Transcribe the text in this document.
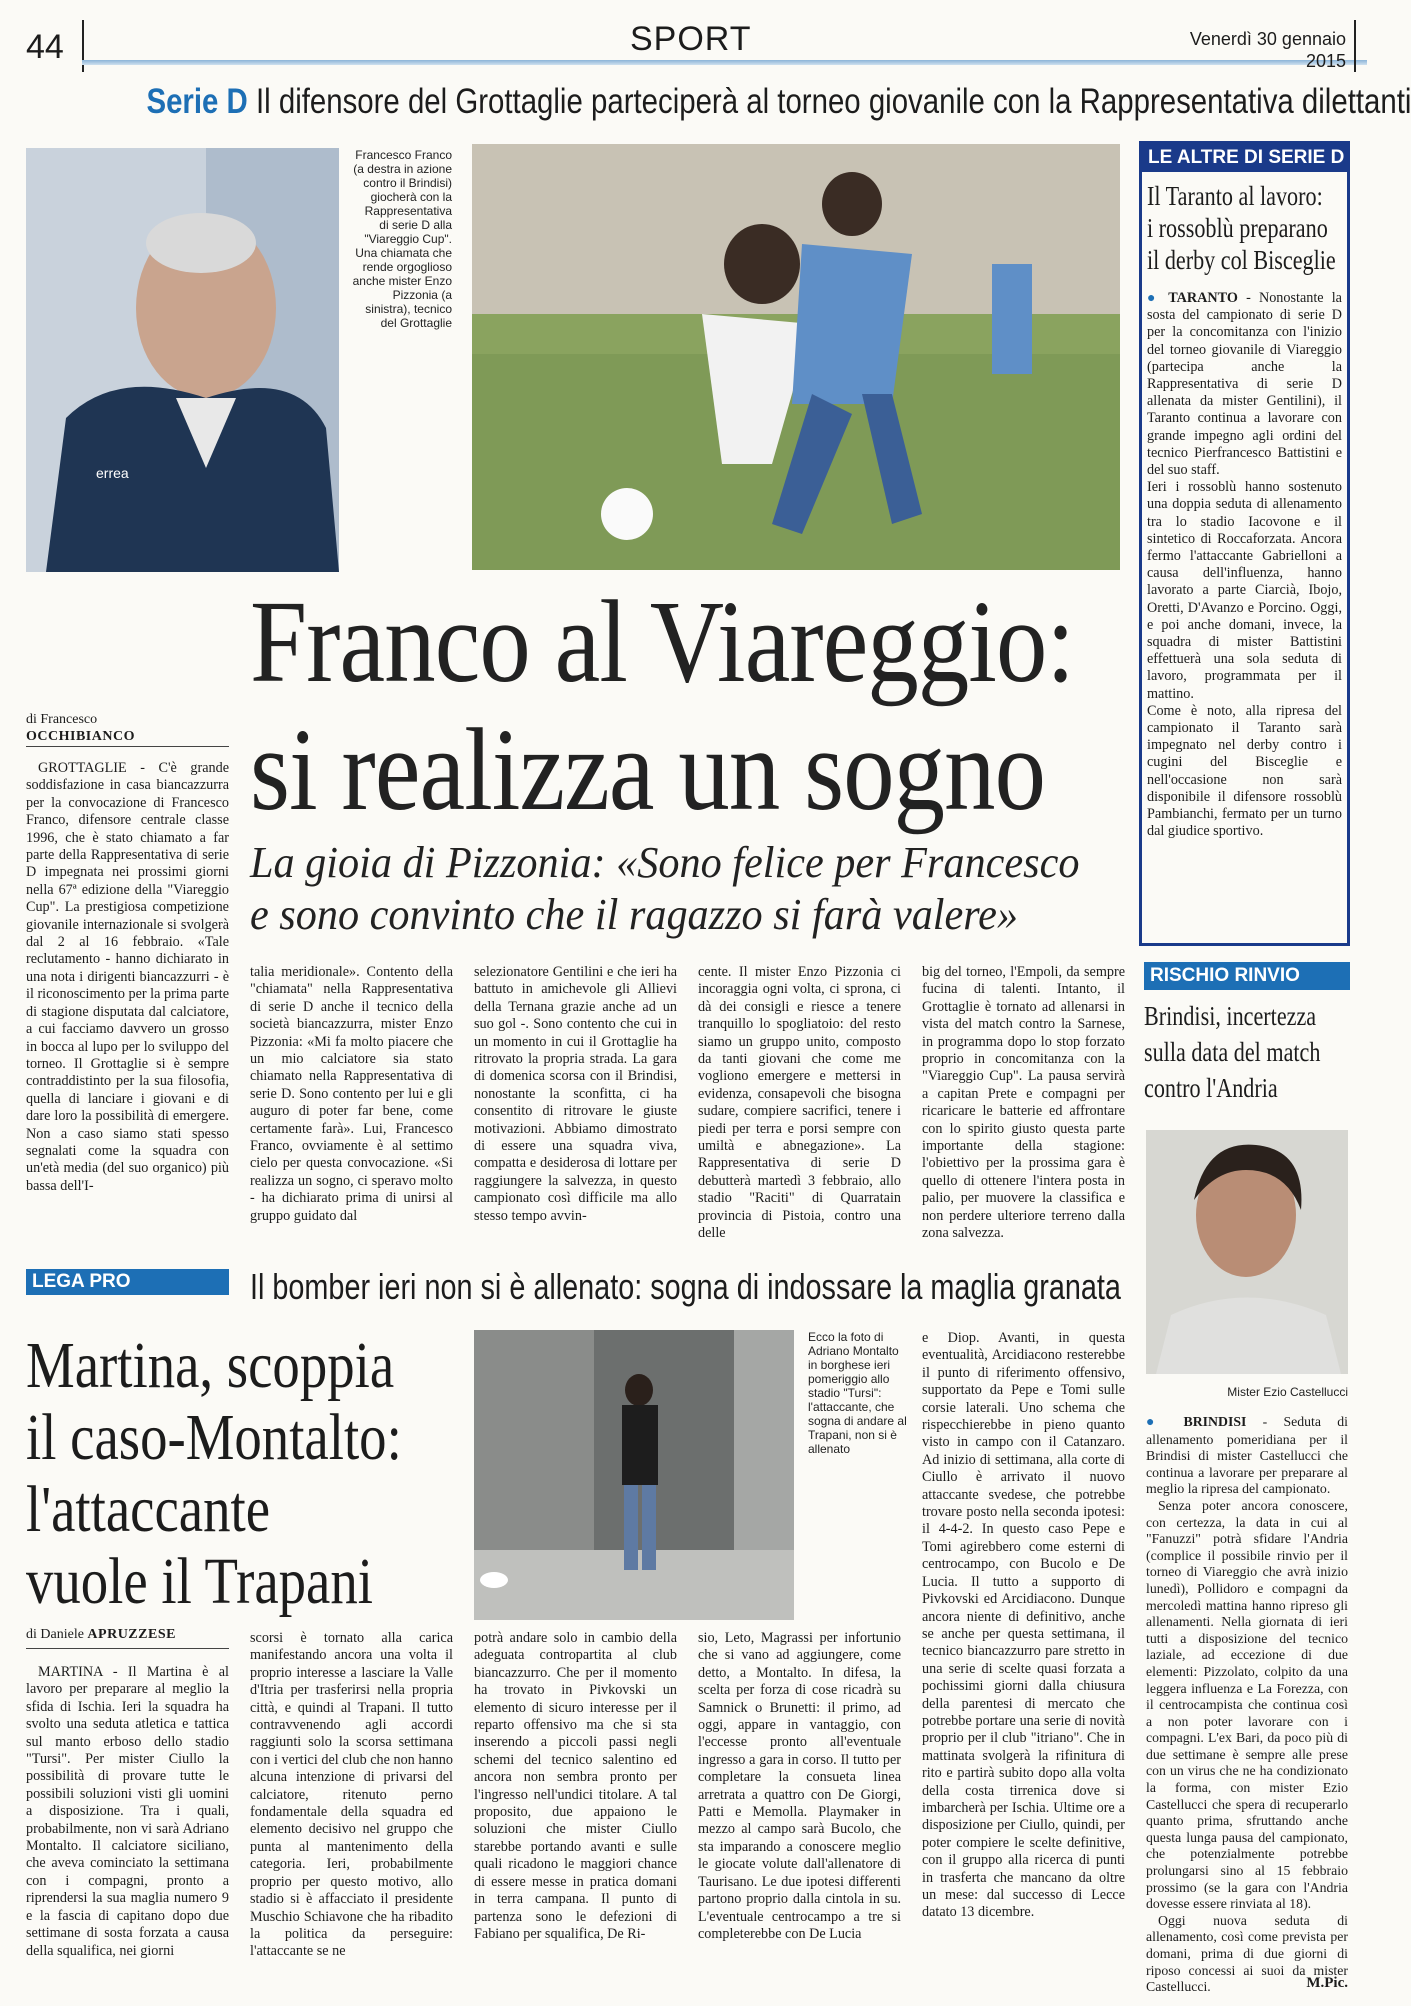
44	SPORT	Venerdì 30 gennaio
2015
Serie D Il difensore del Grottaglie parteciperà al torneo giovanile con la Rappresentativa dilettanti
errea
Francesco Franco (a destra in azione contro il Brindisi) giocherà con la Rappresentativa di serie D alla "Viareggio Cup". Una chiamata che rende orgoglioso anche mister Enzo Pizzonia (a sinistra), tecnico del Grottaglie
Franco al Viareggio:
si realizza un sogno
La gioia di Pizzonia: «Sono felice per Francesco
e sono convinto che il ragazzo si farà valere»
di Francesco
OCCHIBIANCO

GROTTAGLIE - C'è grande soddisfazione in casa biancazzurra per la convocazione di Francesco Franco, difensore centrale classe 1996, che è stato chiamato a far parte della Rappresentativa di serie D impegnata nei prossimi giorni nella 67ª edizione della "Viareggio Cup". La prestigiosa competizione giovanile internazionale si svolgerà dal 2 al 16 febbraio. «Tale reclutamento - hanno dichiarato in una nota i dirigenti biancazzurri - è il riconoscimento per la prima parte di stagione disputata dal calciatore, a cui facciamo davvero un grosso in bocca al lupo per lo sviluppo del torneo. Il Grottaglie si è sempre contraddistinto per la sua filosofia, quella di lanciare i giovani e di dare loro la possibilità di emergere. Non a caso siamo stati spesso segnalati come la squadra con un'età media (del suo organico) più bassa dell'I-

talia meridionale». Contento della "chiamata" nella Rappresentativa di serie D anche il tecnico della società biancazzurra, mister Enzo Pizzonia: «Mi fa molto piacere che un mio calciatore sia stato chiamato nella Rappresentativa di serie D. Sono contento per lui e gli auguro di poter far bene, come certamente farà». Lui, Francesco Franco, ovviamente è al settimo cielo per questa convocazione. «Si realizza un sogno, ci speravo molto - ha dichiarato prima di unirsi al gruppo guidato dal

selezionatore Gentilini e che ieri ha battuto in amichevole gli Allievi della Ternana grazie anche ad un suo gol -. Sono contento che cui in un momento in cui il Grottaglie ha ritrovato la propria strada. La gara di domenica scorsa con il Brindisi, nonostante la sconfitta, ci ha consentito di ritrovare le giuste motivazioni. Abbiamo dimostrato di essere una squadra viva, compatta e desiderosa di lottare per raggiungere la salvezza, in questo campionato così difficile ma allo stesso tempo avvin-

cente. Il mister Enzo Pizzonia ci incoraggia ogni volta, ci sprona, ci dà dei consigli e riesce a tenere tranquillo lo spogliatoio: del resto siamo un gruppo unito, composto da tanti giovani che come me vogliono emergere e mettersi in evidenza, consapevoli che bisogna sudare, compiere sacrifici, tenere i piedi per terra e porsi sempre con umiltà e abnegazione». La Rappresentativa di serie D debutterà martedì 3 febbraio, allo stadio "Raciti" di Quarratain provincia di Pistoia, contro una delle

big del torneo, l'Empoli, da sempre fucina di talenti. Intanto, il Grottaglie è tornato ad allenarsi in vista del match contro la Sarnese, in programma dopo lo stop forzato proprio in concomitanza con la "Viareggio Cup". La pausa servirà a capitan Prete e compagni per ricaricare le batterie ed affrontare con lo spirito giusto questa parte importante della stagione: l'obiettivo per la prossima gara è quello di ottenere l'intera posta in palio, per muovere la classifica e non perdere ulteriore terreno dalla zona salvezza.

LE ALTRE DI SERIE D
Il Taranto al lavoro:
i rossoblù preparano
il derby col Bisceglie

● TARANTO - Nonostante la sosta del campionato di serie D per la concomitanza con l'inizio del torneo giovanile di Viareggio (partecipa anche la Rappresentativa di serie D allenata da mister Gentilini), il Taranto continua a lavorare con grande impegno agli ordini del tecnico Pierfrancesco Battistini e del suo staff.

Ieri i rossoblù hanno sostenuto una doppia seduta di allenamento tra lo stadio Iacovone e il sintetico di Roccaforzata. Ancora fermo l'attaccante Gabrielloni a causa dell'influenza, hanno lavorato a parte Ciarcià, Ibojo, Oretti, D'Avanzo e Porcino. Oggi, e poi anche domani, invece, la squadra di mister Battistini effettuerà una sola seduta di lavoro, programmata per il mattino.

Come è noto, alla ripresa del campionato il Taranto sarà impegnato nel derby contro i cugini del Bisceglie e nell'occasione non sarà disponibile il difensore rossoblù Pambianchi, fermato per un turno dal giudice sportivo.

RISCHIO RINVIO
Brindisi, incertezza
sulla data del match
contro l'Andria
Mister Ezio Castellucci

● BRINDISI - Seduta di allenamento pomeridiana per il Brindisi di mister Castellucci che continua a lavorare per preparare al meglio la ripresa del campionato.

Senza poter ancora conoscere, con certezza, la data in cui al "Fanuzzi" potrà sfidare l'Andria (complice il possibile rinvio per il torneo di Viareggio che avrà inizio lunedì), Pollidoro e compagni da mercoledì mattina hanno ripreso gli allenamenti. Nella giornata di ieri tutti a disposizione del tecnico laziale, ad eccezione di due elementi: Pizzolato, colpito da una leggera influenza e La Forezza, con il centrocampista che continua così a non poter lavorare con i compagni. L'ex Bari, da poco più di due settimane è sempre alle prese con un virus che ne ha condizionato la forma, con mister Ezio Castellucci che spera di recuperarlo quanto prima, sfruttando anche questa lunga pausa del campionato, che potenzialmente potrebbe prolungarsi sino al 15 febbraio prossimo (se la gara con l'Andria dovesse essere rinviata al 18).

Oggi nuova seduta di allenamento, così come prevista per domani, prima di due giorni di riposo concessi ai suoi da mister Castellucci.	M.Pic.
LEGA PRO	Il bomber ieri non si è allenato: sogna di indossare la maglia granata
Martina, scoppia
il caso-Montalto:
l'attaccante
vuole il Trapani
Ecco la foto di Adriano Montalto in borghese ieri pomeriggio allo stadio "Tursi": l'attaccante, che sogna di andare al Trapani, non si è allenato
di Daniele APRUZZESE

MARTINA - Il Martina è al lavoro per preparare al meglio la sfida di Ischia. Ieri la squadra ha svolto una seduta atletica e tattica sul manto erboso dello stadio "Tursi". Per mister Ciullo la possibilità di provare tutte le possibili soluzioni visti gli uomini a disposizione. Tra i quali, probabilmente, non vi sarà Adriano Montalto. Il calciatore siciliano, che aveva cominciato la settimana con i compagni, pronto a riprendersi la sua maglia numero 9 e la fascia di capitano dopo due settimane di sosta forzata a causa della squalifica, nei giorni

scorsi è tornato alla carica manifestando ancora una volta il proprio interesse a lasciare la Valle d'Itria per trasferirsi nella propria città, e quindi al Trapani. Il tutto contravvenendo agli accordi raggiunti solo la scorsa settimana con i vertici del club che non hanno alcuna intenzione di privarsi del calciatore, ritenuto perno fondamentale della squadra ed elemento decisivo nel gruppo che punta al mantenimento della categoria. Ieri, probabilmente proprio per questo motivo, allo stadio si è affacciato il presidente Muschio Schiavone che ha ribadito la politica da perseguire: l'attaccante se ne

potrà andare solo in cambio della adeguata contropartita al club biancazzurro. Che per il momento ha trovato in Pivkovski un elemento di sicuro interesse per il reparto offensivo ma che si sta inserendo a piccoli passi negli schemi del tecnico salentino ed ancora non sembra pronto per l'ingresso nell'undici titolare. A tal proposito, due appaiono le soluzioni che mister Ciullo starebbe portando avanti e sulle quali ricadono le maggiori chance di essere messe in pratica domani in terra campana. Il punto di partenza sono le defezioni di Fabiano per squalifica, De Ri-

sio, Leto, Magrassi per infortunio che si vano ad aggiungere, come detto, a Montalto. In difesa, la scelta per forza di cose ricadrà su Samnick o Brunetti: il primo, ad oggi, appare in vantaggio, con l'eccesse pronto all'eventuale ingresso a gara in corso. Il tutto per completare la consueta linea arretrata a quattro con De Giorgi, Patti e Memolla. Playmaker in mezzo al campo sarà Bucolo, che sta imparando a conoscere meglio le giocate volute dall'allenatore di Taurisano. Le due ipotesi differenti partono proprio dalla cintola in su. L'eventuale centrocampo a tre si completerebbe con De Lucia

e Diop. Avanti, in questa eventualità, Arcidiacono resterebbe il punto di riferimento offensivo, supportato da Pepe e Tomi sulle corsie laterali. Uno schema che rispecchierebbe in pieno quanto visto in campo con il Catanzaro. Ad inizio di settimana, alla corte di Ciullo è arrivato il nuovo attaccante svedese, che potrebbe trovare posto nella seconda ipotesi: il 4-4-2. In questo caso Pepe e Tomi agirebbero come esterni di centrocampo, con Bucolo e De Lucia. Il tutto a supporto di Pivkovski ed Arcidiacono. Dunque ancora niente di definitivo, anche se anche per questa settimana, il tecnico biancazzurro pare stretto in una serie di scelte quasi forzata a pochissimi giorni dalla chiusura della parentesi di mercato che potrebbe portare una serie di novità proprio per il club "itriano". Che in mattinata svolgerà la rifinitura di rito e partirà subito dopo alla volta della costa tirrenica dove si imbarcherà per Ischia. Ultime ore a disposizione per Ciullo, quindi, per poter compiere le scelte definitive, con il gruppo alla ricerca di punti in trasferta che mancano da oltre un mese: dal successo di Lecce datato 13 dicembre.
